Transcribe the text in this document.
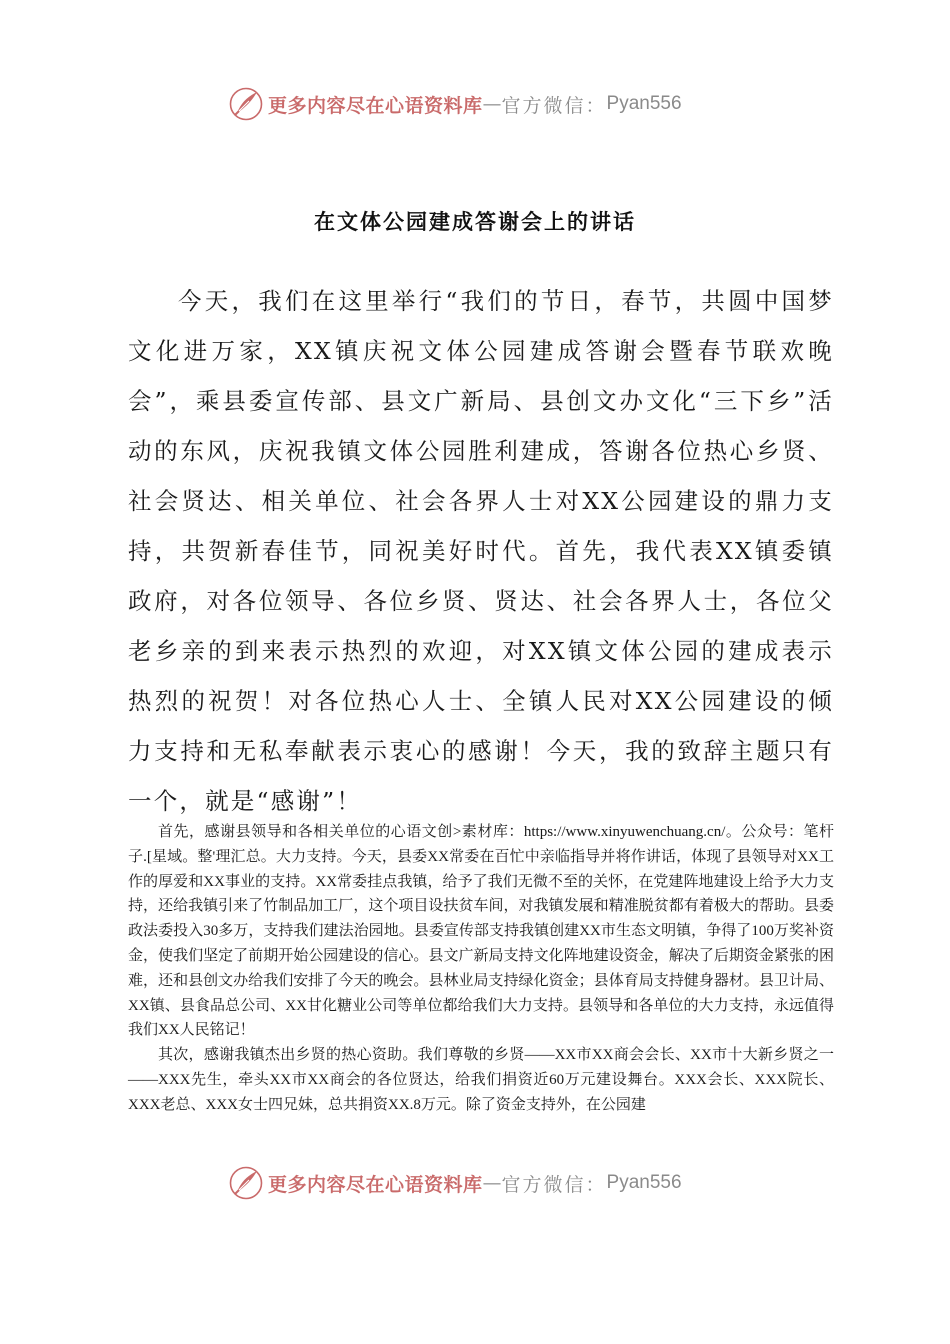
更多内容尽在心语资料库 — 官方微信： Pyan556
在文体公园建成答谢会上的讲话

今天，我们在这里举行“我们的节日，春节，共圆中国梦文化进万家，XX镇庆祝文体公园建成答谢会暨春节联欢晚会”，乘县委宣传部、县文广新局、县创文办文化“三下乡”活动的东风，庆祝我镇文体公园胜利建成，答谢各位热心乡贤、社会贤达、相关单位、社会各界人士对XX公园建设的鼎力支持，共贺新春佳节，同祝美好时代。首先，我代表XX镇委镇政府，对各位领导、各位乡贤、贤达、社会各界人士，各位父老乡亲的到来表示热烈的欢迎，对XX镇文体公园的建成表示热烈的祝贺！对各位热心人士、全镇人民对XX公园建设的倾力支持和无私奉献表示衷心的感谢！今天，我的致辞主题只有一个，就是“感谢”！

首先，感谢县领导和各相关单位的心语文创>素材库：https://www.xinyuwenchuang.cn/。公众号：笔杆子.[星域。整'理汇总。大力支持。今天，县委XX常委在百忙中亲临指导并将作讲话，体现了县领导对XX工作的厚爱和XX事业的支持。XX常委挂点我镇，给予了我们无微不至的关怀，在党建阵地建设上给予大力支持，还给我镇引来了竹制品加工厂，这个项目设扶贫车间，对我镇发展和精准脱贫都有着极大的帮助。县委政法委投入30多万，支持我们建法治园地。县委宣传部支持我镇创建XX市生态文明镇，争得了100万奖补资金，使我们坚定了前期开始公园建设的信心。县文广新局支持文化阵地建设资金，解决了后期资金紧张的困难，还和县创文办给我们安排了今天的晚会。县林业局支持绿化资金；县体育局支持健身器材。县卫计局、XX镇、县食品总公司、XX甘化糖业公司等单位都给我们大力支持。县领导和各单位的大力支持，永远值得我们XX人民铭记！

其次，感谢我镇杰出乡贤的热心资助。我们尊敬的乡贤——XX市XX商会会长、XX市十大新乡贤之一——XXX先生，牵头XX市XX商会的各位贤达，给我们捐资近60万元建设舞台。XXX会长、XXX院长、XXX老总、XXX女士四兄妹，总共捐资XX.8万元。除了资金支持外，在公园建

更多内容尽在心语资料库 — 官方微信： Pyan556
